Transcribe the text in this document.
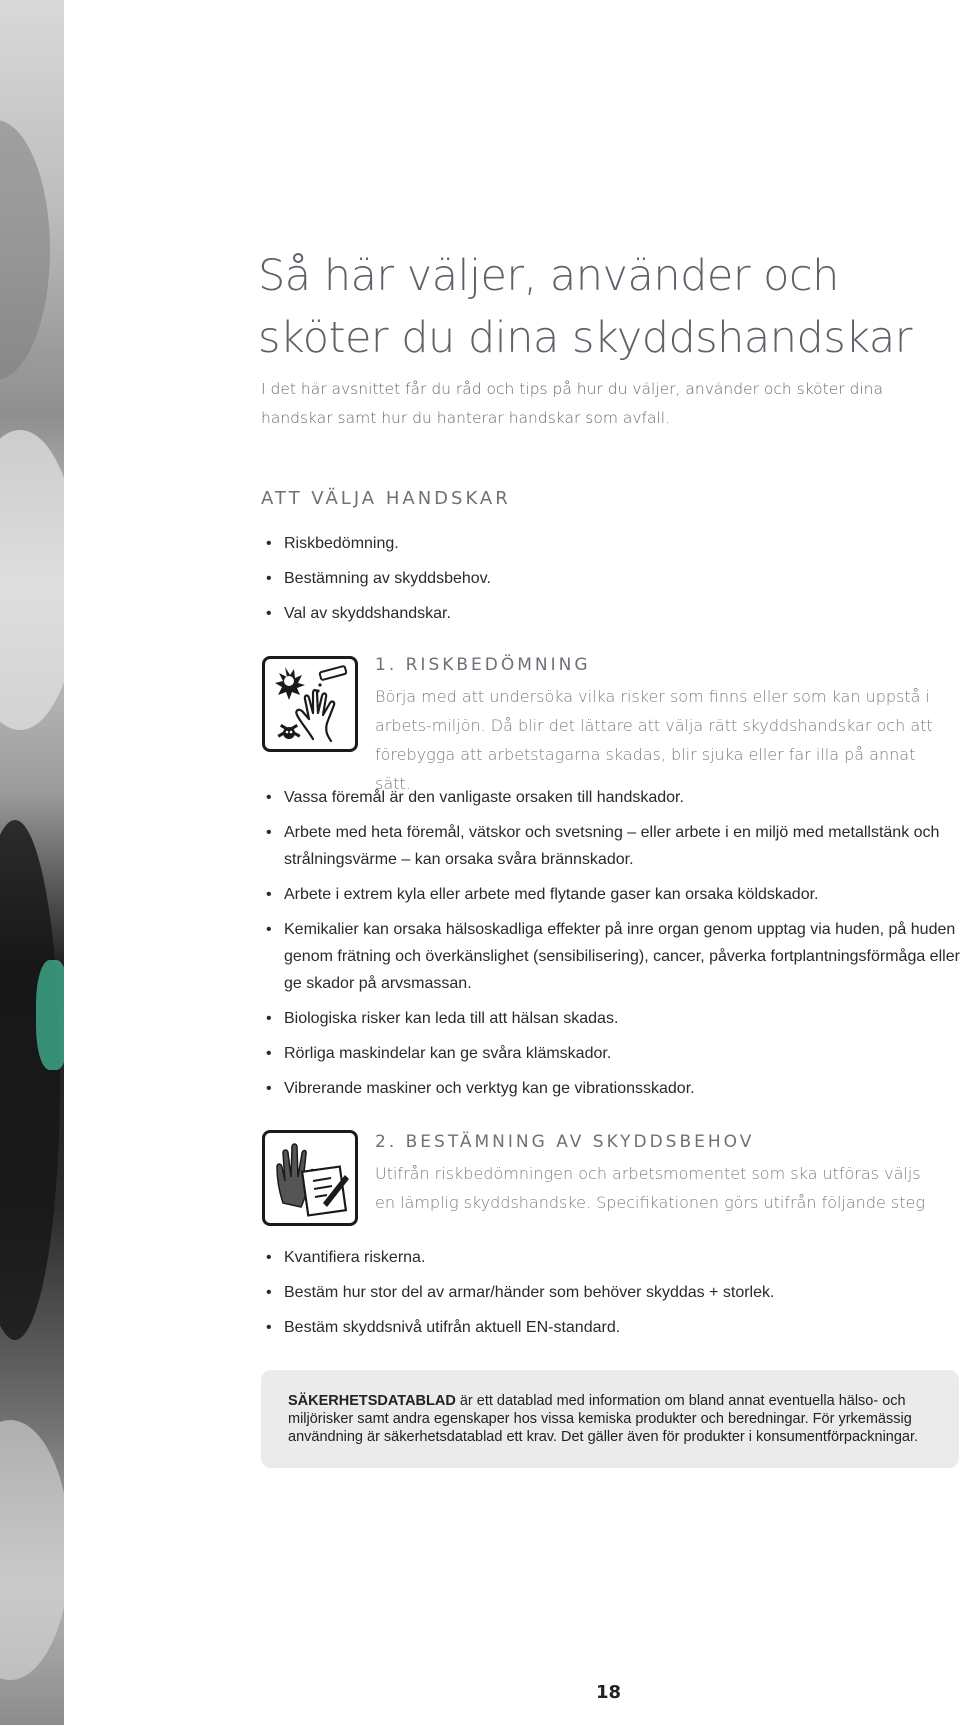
Så här väljer, använder och sköter du dina skyddshandskar

I det här avsnittet får du råd och tips på hur du väljer, använder och sköter dina handskar samt hur du hanterar handskar som avfall.

ATT VÄLJA HANDSKAR
• Riskbedömning.
• Bestämning av skyddsbehov.
• Val av skyddshandskar.
1. RISKBEDÖMNING

Börja med att undersöka vilka risker som finns eller som kan uppstå i arbets-miljön. Då blir det lättare att välja rätt skyddshandskar och att förebygga att arbetstagarna skadas, blir sjuka eller far illa på annat sätt.

• Vassa föremål är den vanligaste orsaken till handskador.
• Arbete med heta föremål, vätskor och svetsning – eller arbete i en miljö med metallstänk och strålningsvärme – kan orsaka svåra brännskador.
• Arbete i extrem kyla eller arbete med flytande gaser kan orsaka köldskador.
• Kemikalier kan orsaka hälsoskadliga effekter på inre organ genom upptag via huden, på huden genom frätning och överkänslighet (sensibilisering), cancer, påverka fortplantningsförmåga eller ge skador på arvsmassan.
• Biologiska risker kan leda till att hälsan skadas.
• Rörliga maskindelar kan ge svåra klämskador.
• Vibrerande maskiner och verktyg kan ge vibrationsskador.
2. BESTÄMNING AV SKYDDSBEHOV

Utifrån riskbedömningen och arbetsmomentet som ska utföras väljs en lämplig skyddshandske. Specifikationen görs utifrån följande steg

• Kvantifiera riskerna.
• Bestäm hur stor del av armar/händer som behöver skyddas + storlek.
• Bestäm skyddsnivå utifrån aktuell EN-standard.

SÄKERHETSDATABLAD är ett datablad med information om bland annat eventuella hälso- och miljörisker samt andra egenskaper hos vissa kemiska produkter och beredningar. För yrkemässig användning är säkerhetsdatablad ett krav. Det gäller även för produkter i konsumentförpackningar.

18
